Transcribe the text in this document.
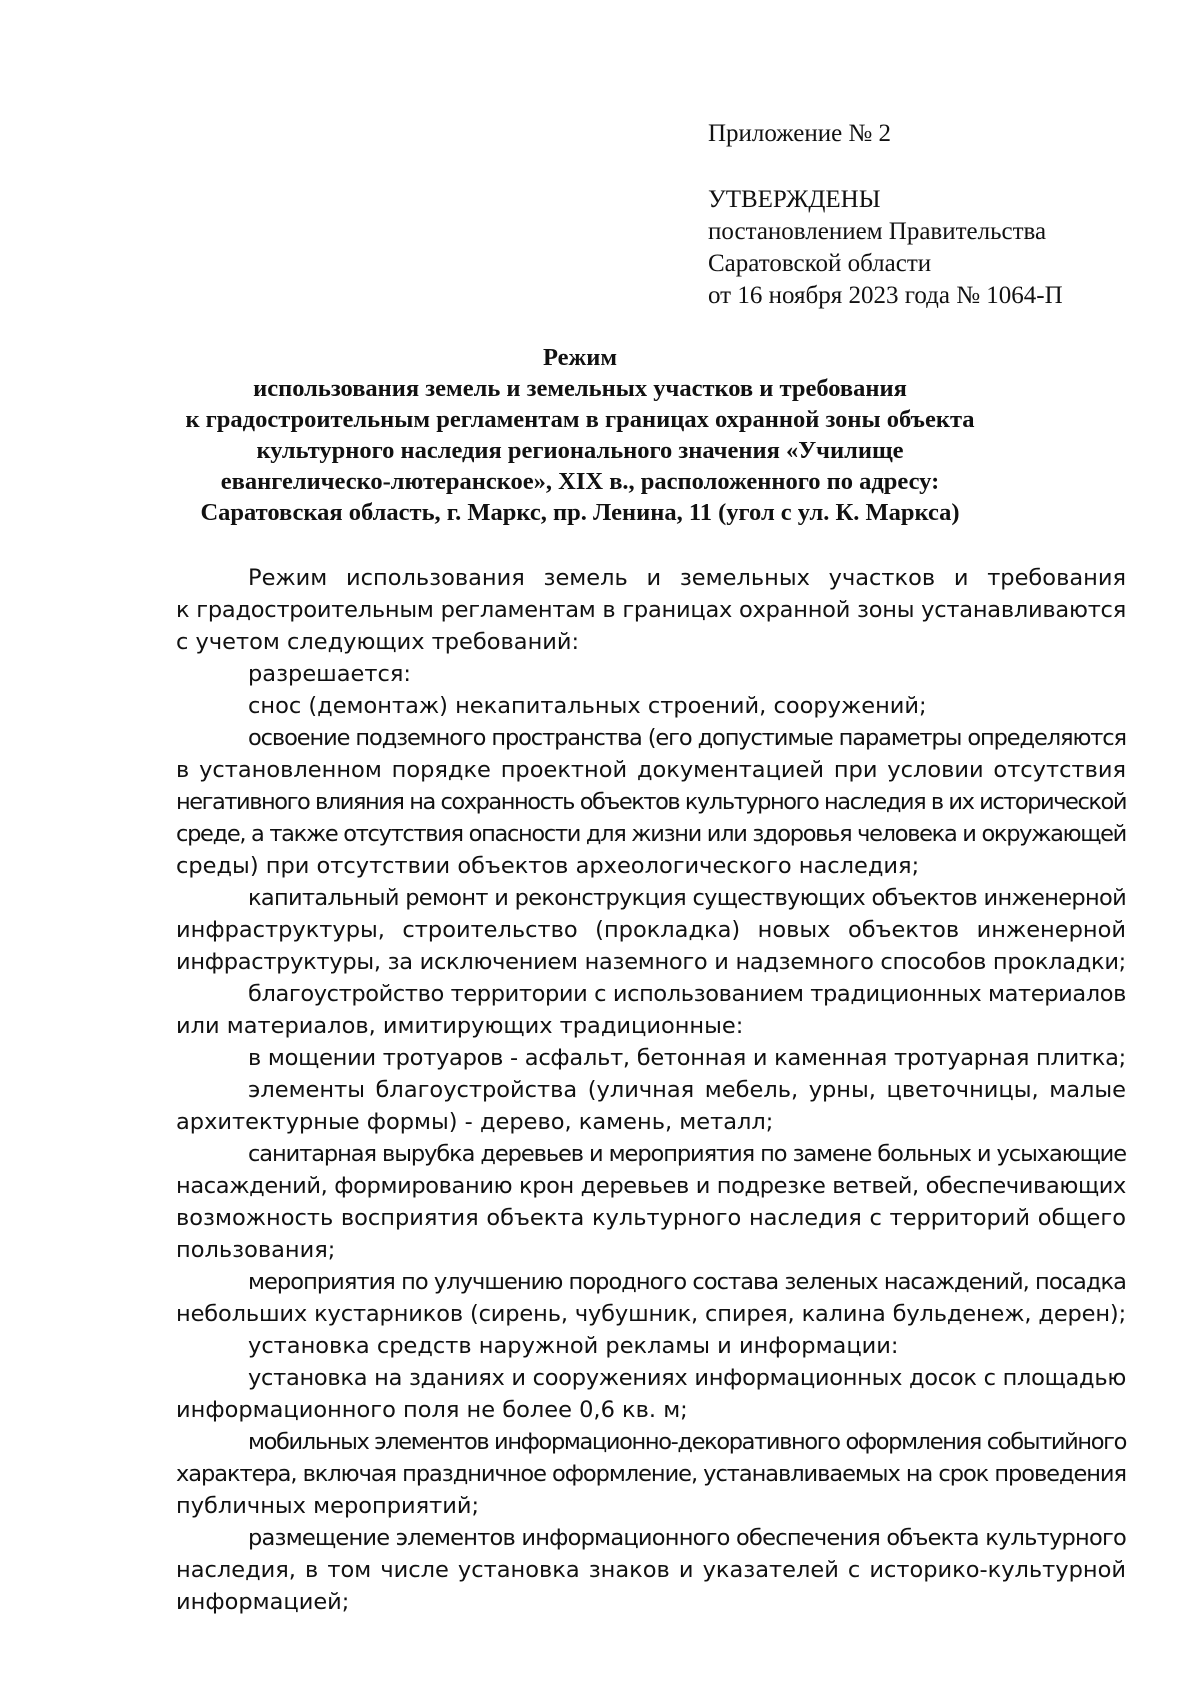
Приложение № 2
УТВЕРЖДЕНЫ
постановлением Правительства
Саратовской области
от 16 ноября 2023 года № 1064-П
Режим
использования земель и земельных участков и требования
к градостроительным регламентам в границах охранной зоны объекта
культурного наследия регионального значения «Училище
евангелическо-лютеранское», XIX в., расположенного по адресу:
Саратовская область, г. Маркс, пр. Ленина, 11 (угол с ул. К. Маркса)
Режим использования земель и земельных участков и требования
к градостроительным регламентам в границах охранной зоны устанавливаются
с учетом следующих требований:
разрешается:
снос (демонтаж) некапитальных строений, сооружений;
освоение подземного пространства (его допустимые параметры определяются
в установленном порядке проектной документацией при условии отсутствия
негативного влияния на сохранность объектов культурного наследия в их исторической
среде, а также отсутствия опасности для жизни или здоровья человека и окружающей
среды) при отсутствии объектов археологического наследия;
капитальный ремонт и реконструкция существующих объектов инженерной
инфраструктуры, строительство (прокладка) новых объектов инженерной
инфраструктуры, за исключением наземного и надземного способов прокладки;
благоустройство территории с использованием традиционных материалов
или материалов, имитирующих традиционные:
в мощении тротуаров - асфальт, бетонная и каменная тротуарная плитка;
элементы благоустройства (уличная мебель, урны, цветочницы, малые
архитектурные формы) - дерево, камень, металл;
санитарная вырубка деревьев и мероприятия по замене больных и усыхающие
насаждений, формированию крон деревьев и подрезке ветвей, обеспечивающих
возможность восприятия объекта культурного наследия с территорий общего
пользования;
мероприятия по улучшению породного состава зеленых насаждений, посадка
небольших кустарников (сирень, чубушник, спирея, калина бульденеж, дерен);
установка средств наружной рекламы и информации:
установка на зданиях и сооружениях информационных досок с площадью
информационного поля не более 0,6 кв. м;
мобильных элементов информационно-декоративного оформления событийного
характера, включая праздничное оформление, устанавливаемых на срок проведения
публичных мероприятий;
размещение элементов информационного обеспечения объекта культурного
наследия, в том числе установка знаков и указателей с историко-культурной
информацией;
